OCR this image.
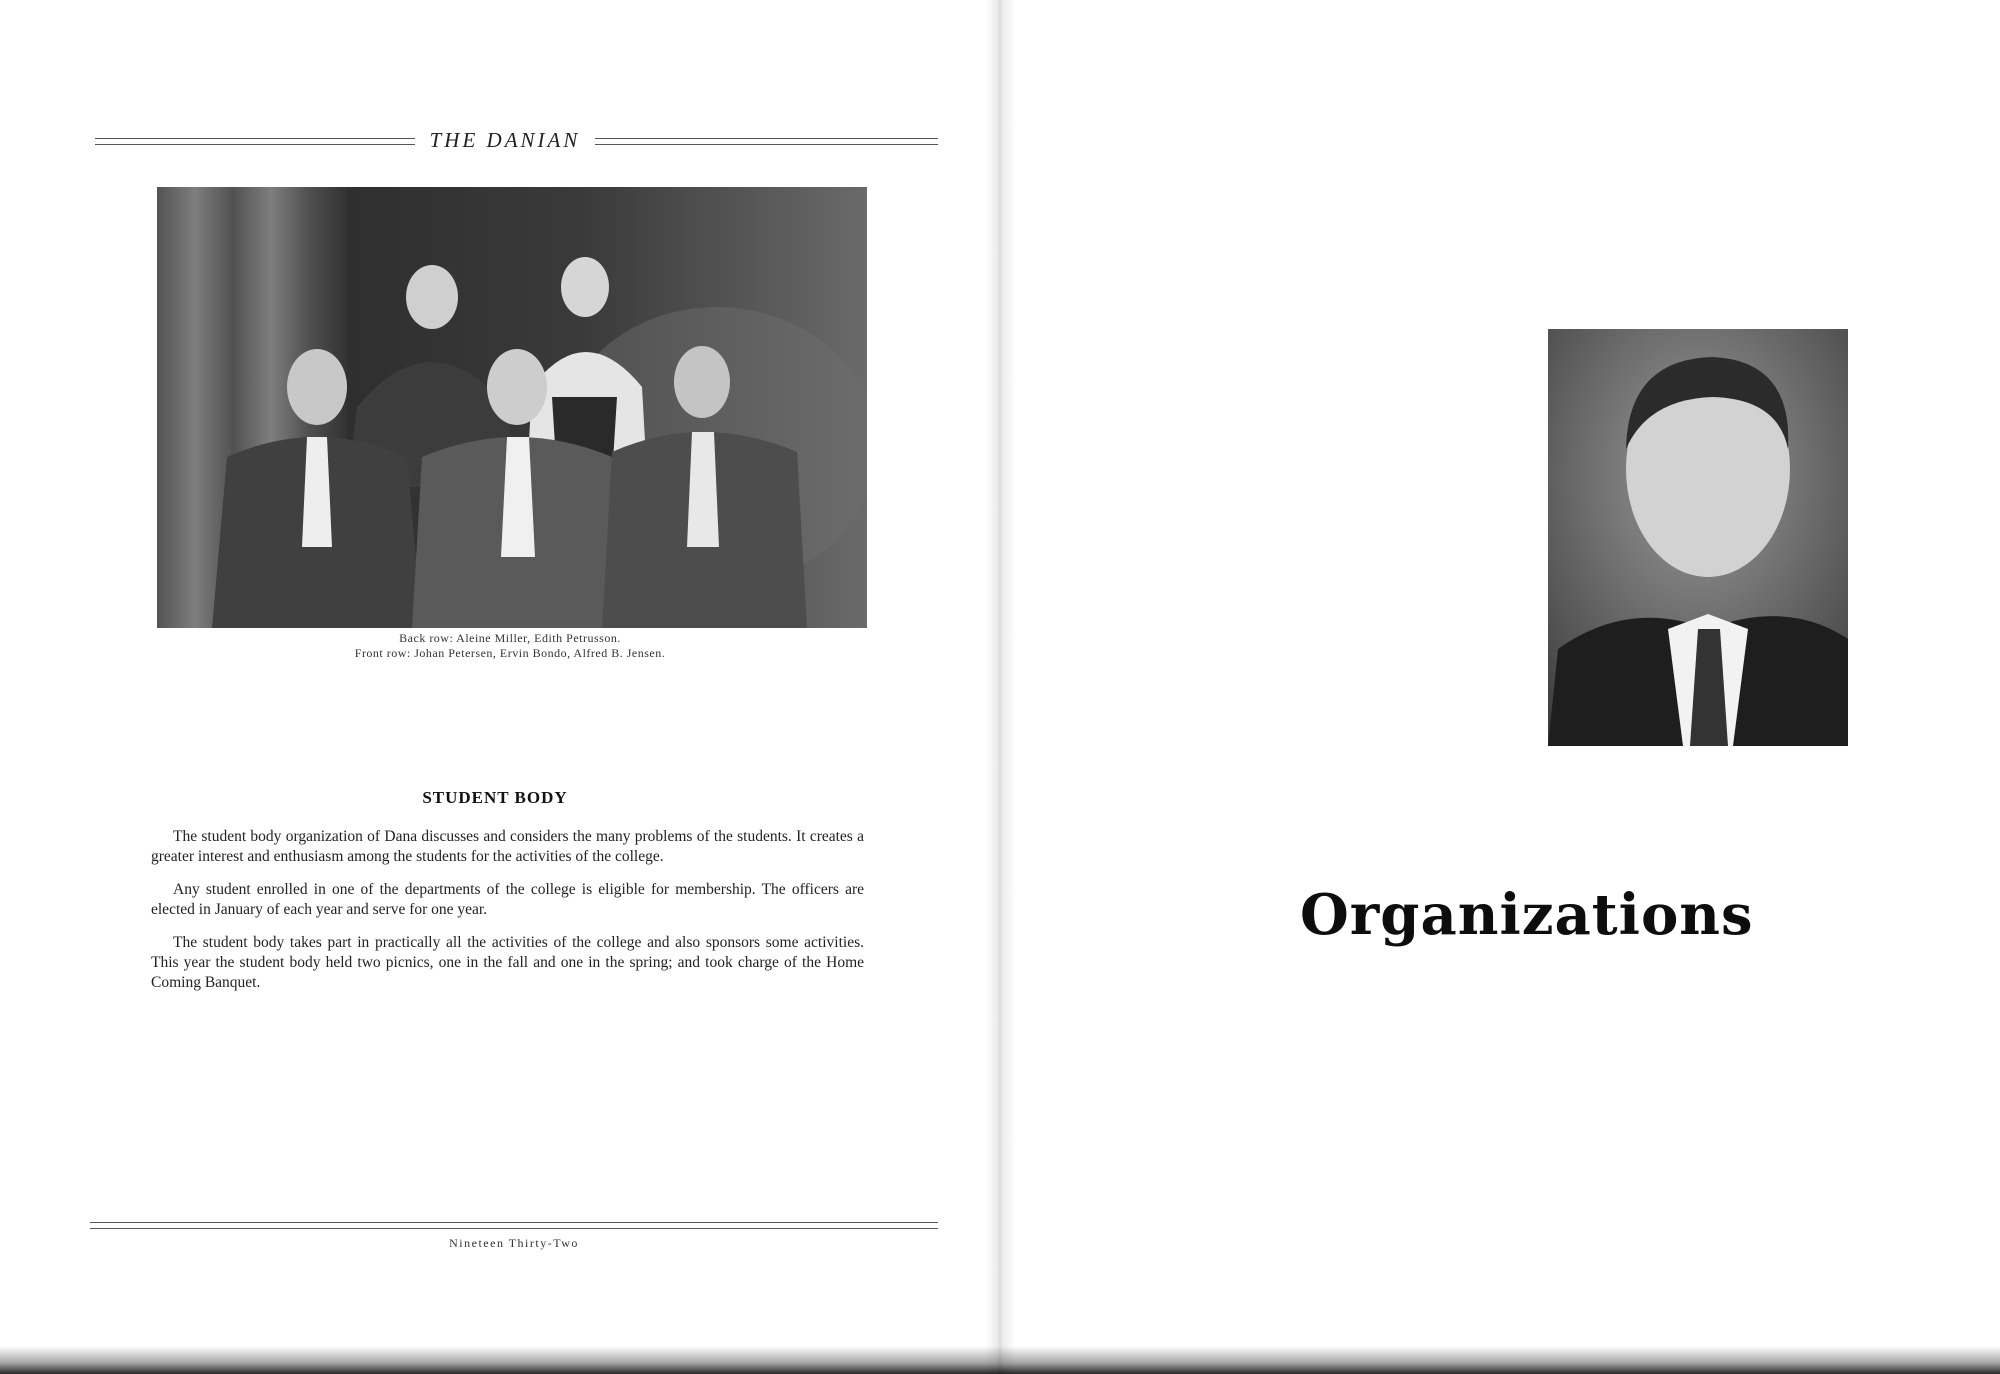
THE DANIAN
Back row: Aleine Miller, Edith Petrusson.
Front row: Johan Petersen, Ervin Bondo, Alfred B. Jensen.
STUDENT BODY

The student body organization of Dana discusses and considers the many problems of the students. It creates a greater interest and enthusiasm among the students for the activities of the college.

Any student enrolled in one of the departments of the college is eligible for membership. The officers are elected in January of each year and serve for one year.

The student body takes part in practically all the activities of the college and also sponsors some activities. This year the student body held two picnics, one in the fall and one in the spring; and took charge of the Home Coming Banquet.

Nineteen Thirty-Two
Organizations
